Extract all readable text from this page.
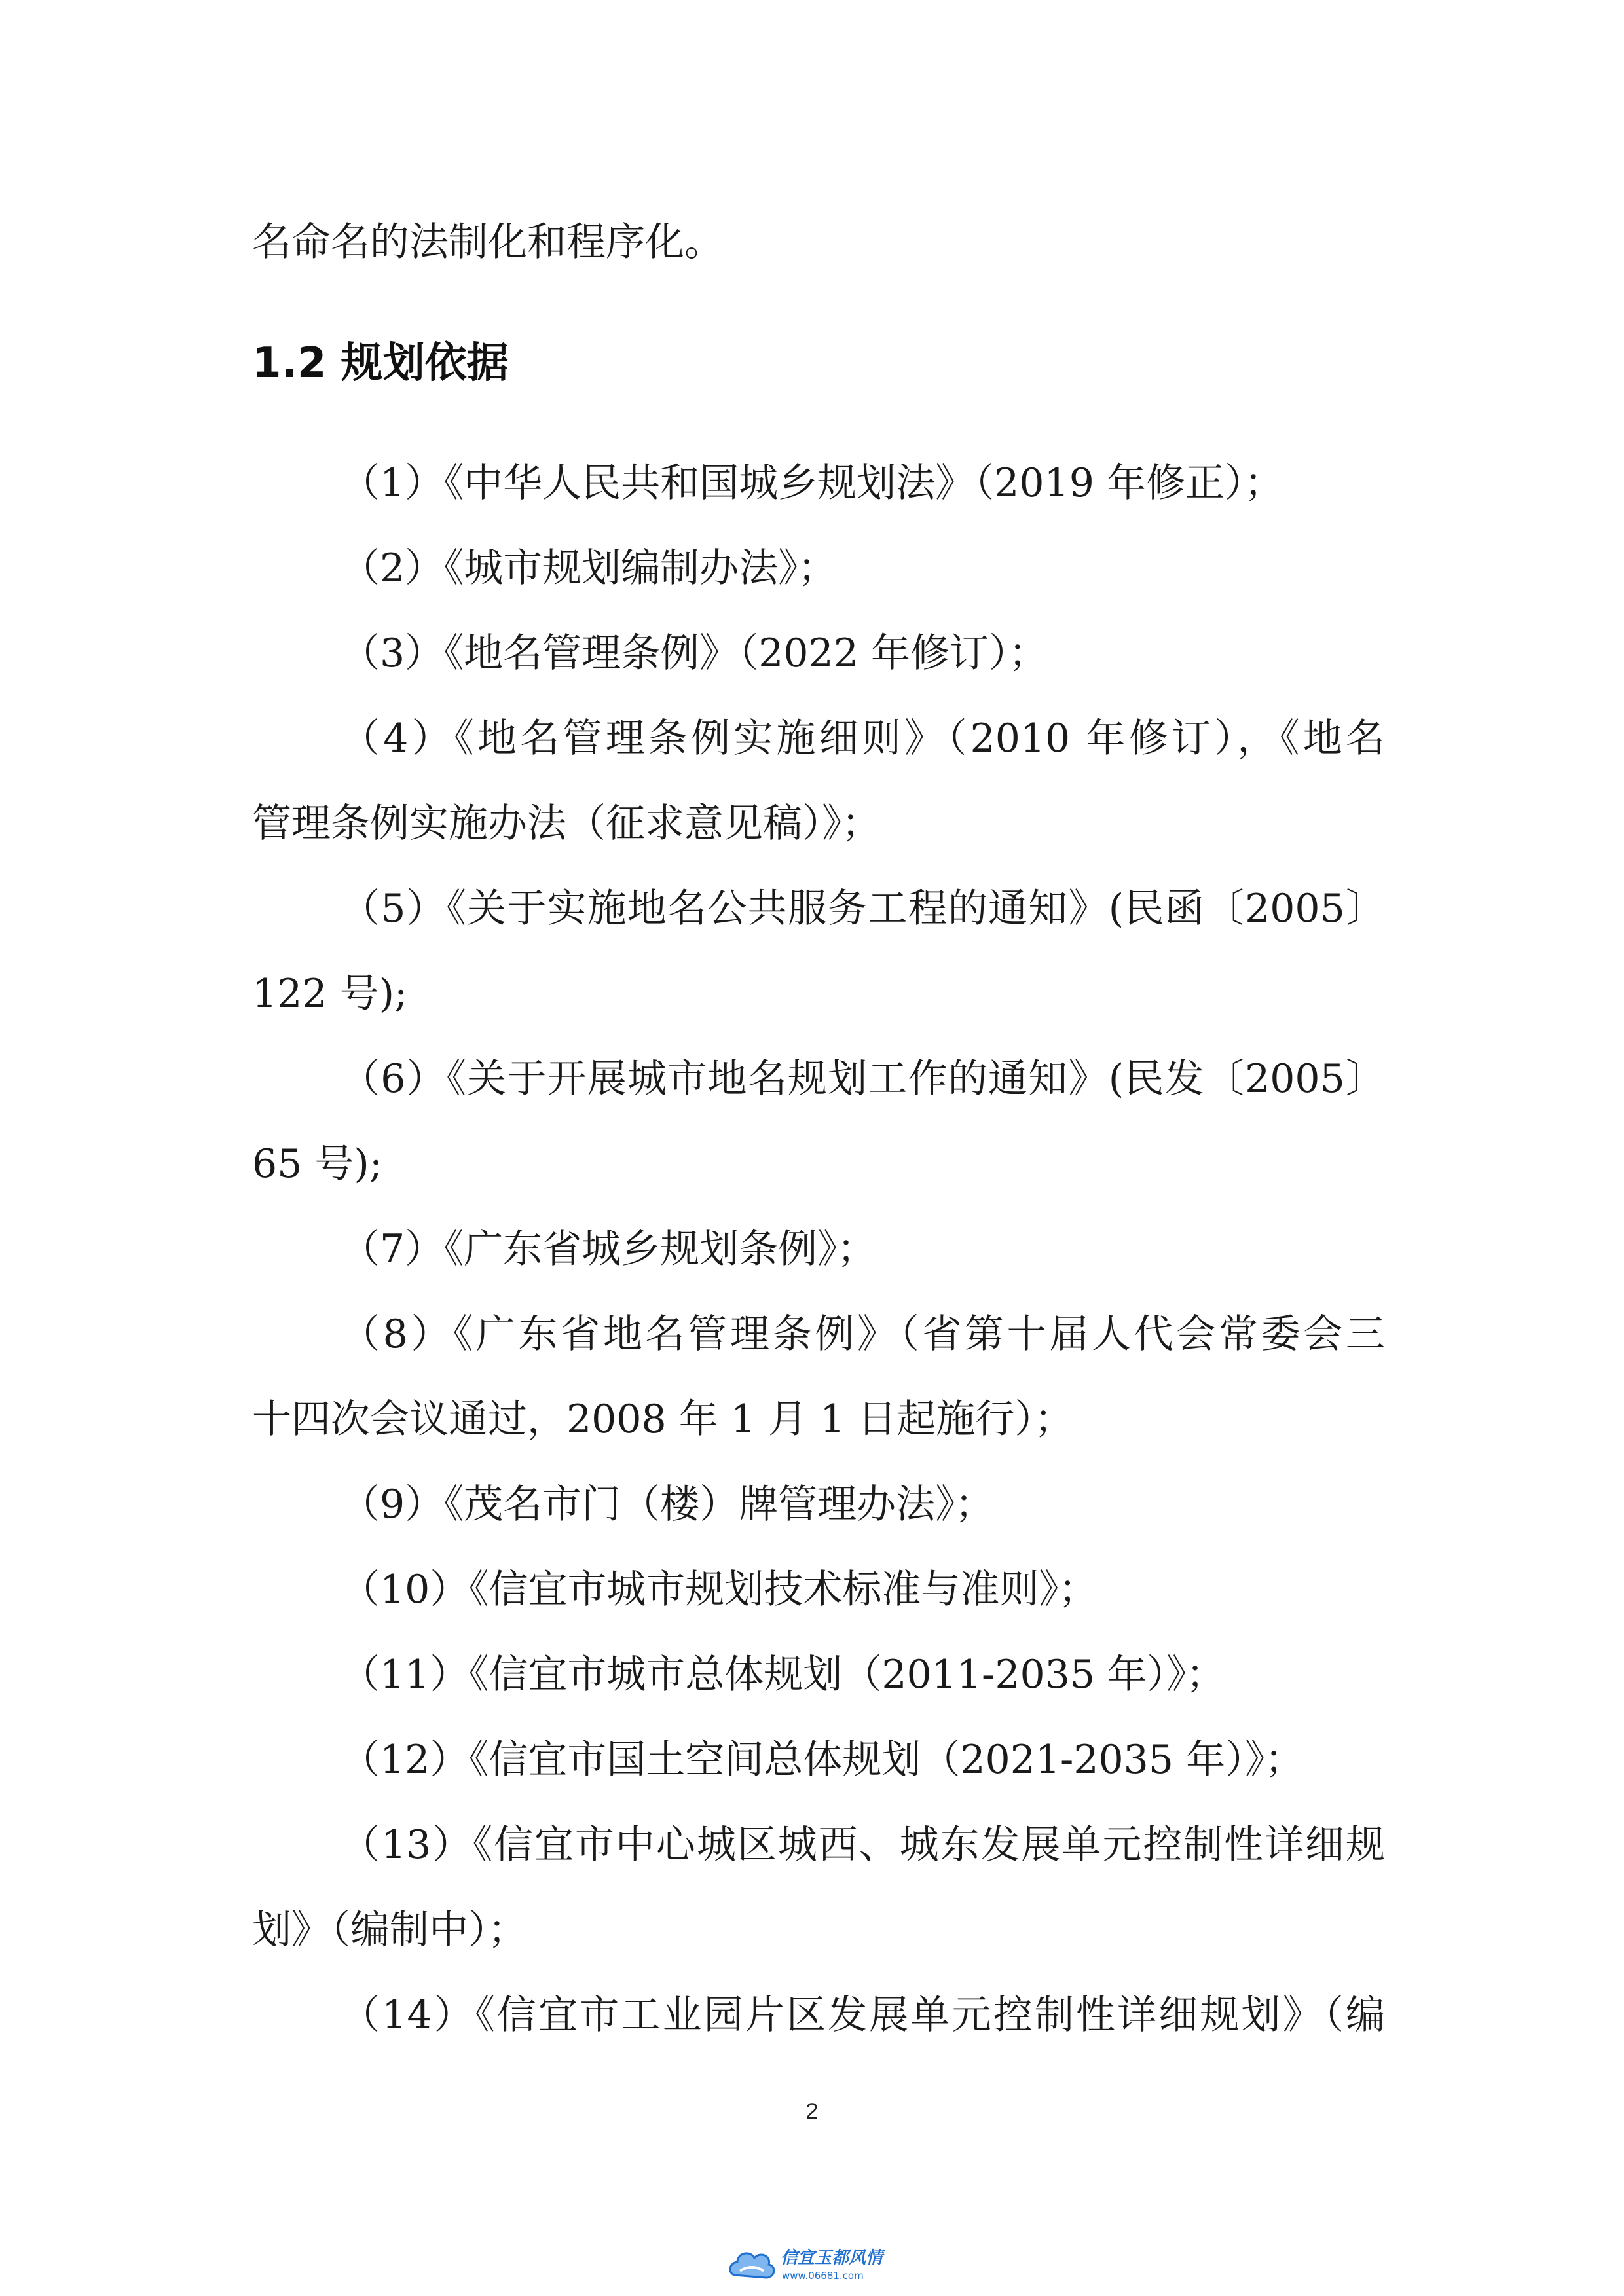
名命名的法制化和程序化。
1.2 规划依据
（1）《中华人民共和国城乡规划法》（2019 年修正）；
（2）《城市规划编制办法》；
（3）《地名管理条例》（2022 年修订）；
（4）《地名管理条例实施细则》（2010 年修订），《地名
管理条例实施办法（征求意见稿）》；
（5）《关于实施地名公共服务工程的通知》(民函〔2005〕
122 号);
（6）《关于开展城市地名规划工作的通知》(民发〔2005〕
65 号);
（7）《广东省城乡规划条例》；
（8）《广东省地名管理条例》（省第十届人代会常委会三
十四次会议通过，2008 年 1 月 1 日起施行）；
（9）《茂名市门（楼）牌管理办法》；
（10）《信宜市城市规划技术标准与准则》；
（11）《信宜市城市总体规划（2011-2035 年）》；
（12）《信宜市国土空间总体规划（2021-2035 年）》；
（13）《信宜市中心城区城西、城东发展单元控制性详细规
划》（编制中）；
（14）《信宜市工业园片区发展单元控制性详细规划》（编
2
信宜玉都风情
www.06681.com
